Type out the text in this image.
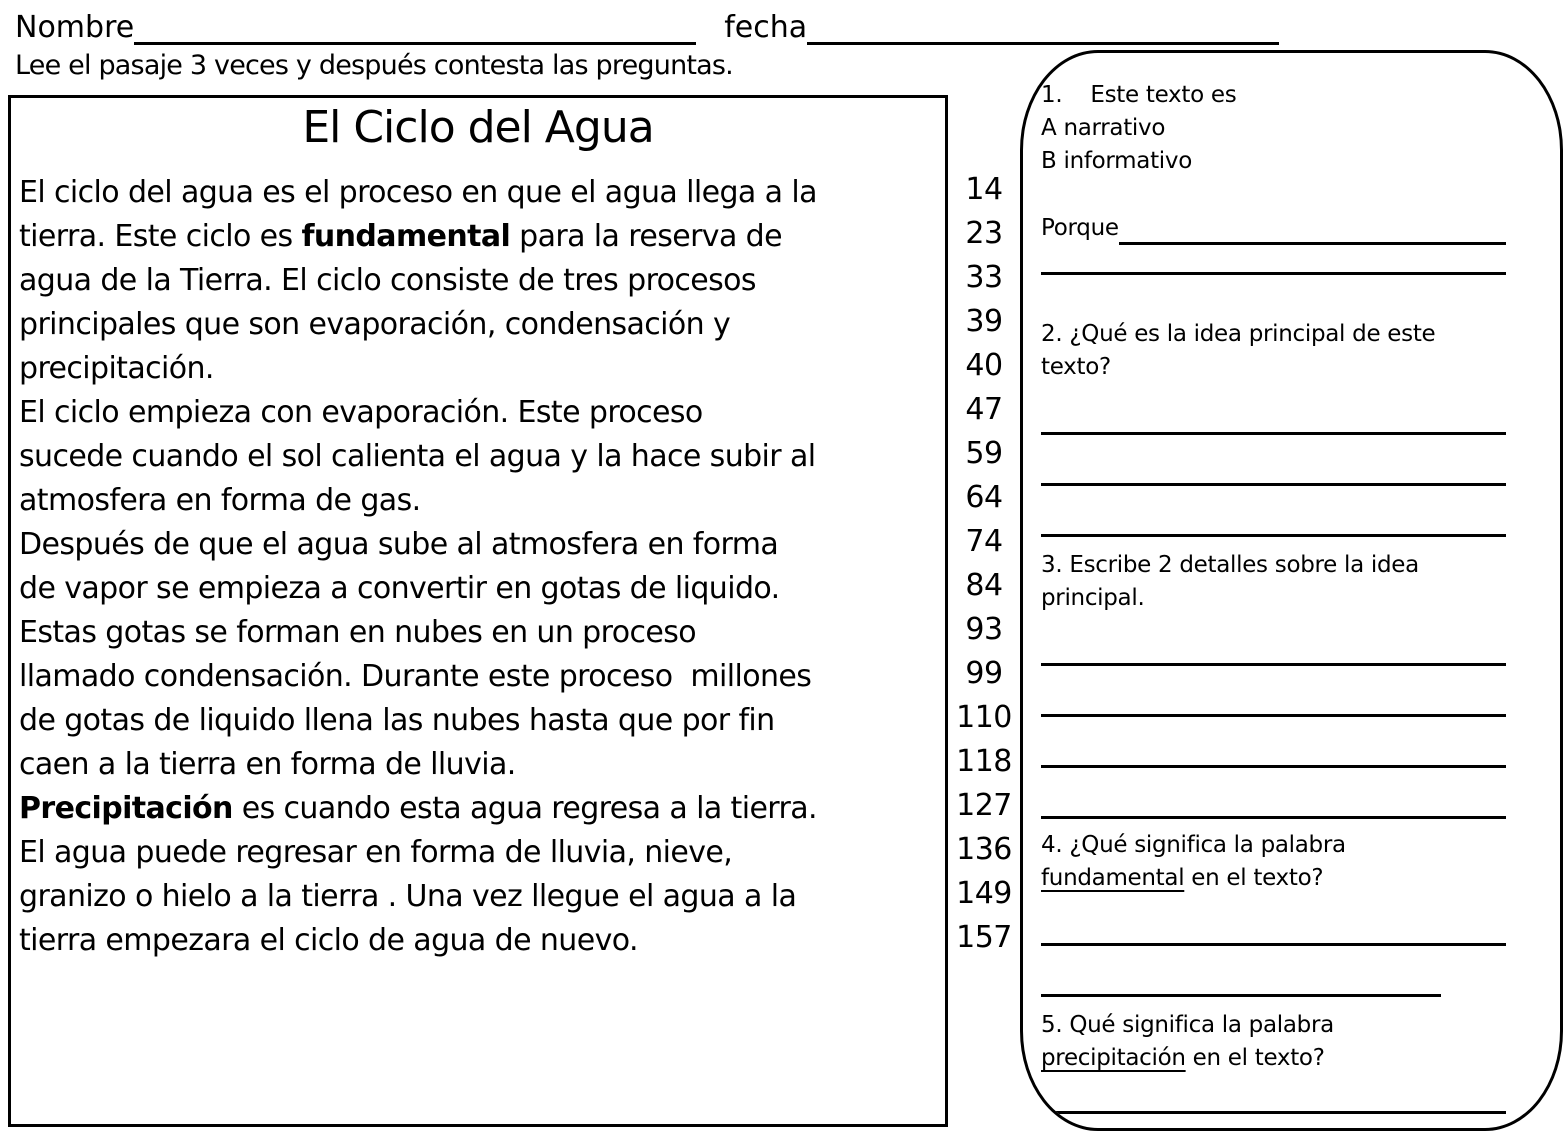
Nombre	fecha
Lee el pasaje 3 veces y después contesta las preguntas.
El Ciclo del Agua
El ciclo del agua es el proceso en que el agua llega a la
tierra. Este ciclo es fundamental para la reserva de
agua de la Tierra. El ciclo consiste de tres procesos
principales que son evaporación, condensación y
precipitación.
El ciclo empieza con evaporación. Este proceso
sucede cuando el sol calienta el agua y la hace subir al
atmosfera en forma de gas.
Después de que el agua sube al atmosfera en forma
de vapor se empieza a convertir en gotas de liquido.
Estas gotas se forman en nubes en un proceso
llamado condensación. Durante este proceso  millones
de gotas de liquido llena las nubes hasta que por fin
caen a la tierra en forma de lluvia.
Precipitación es cuando esta agua regresa a la tierra.
El agua puede regresar en forma de lluvia, nieve,
granizo o hielo a la tierra . Una vez llegue el agua a la
tierra empezara el ciclo de agua de nuevo.
14
23
33
39
40
47
59
64
74
84
93
99
110
118
127
136
149
157
1.    Este texto es
A narrativo
B informativo
Porque
2. ¿Qué es la idea principal de este
texto?
3. Escribe 2 detalles sobre la idea
principal.
4. ¿Qué significa la palabra
fundamental en el texto?
5. Qué significa la palabra
precipitación en el texto?
